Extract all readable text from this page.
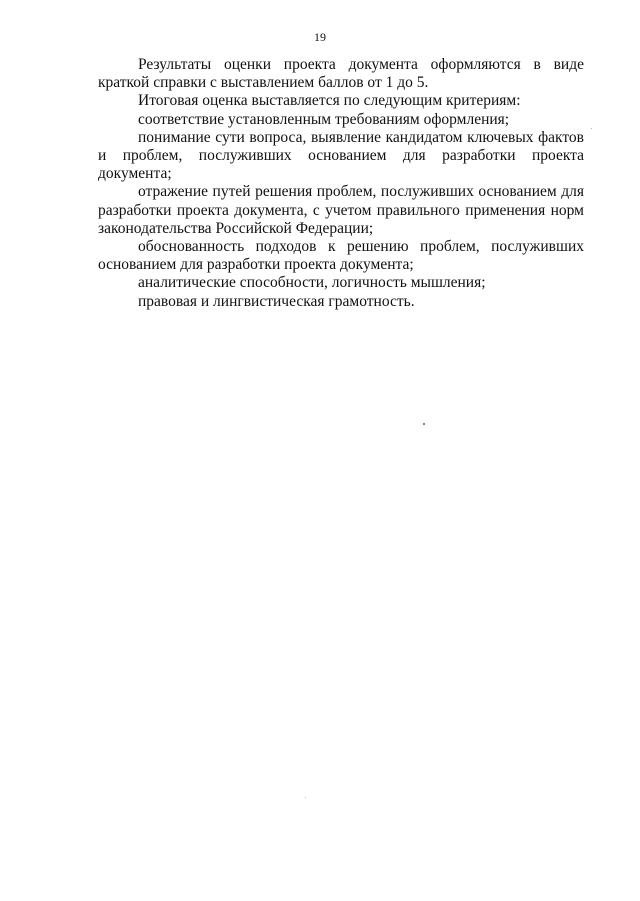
19

Результаты оценки проекта документа оформляются в виде краткой справки с выставлением баллов от 1 до 5.

Итоговая оценка выставляется по следующим критериям:

соответствие установленным требованиям оформления;

понимание сути вопроса, выявление кандидатом ключевых фактов и проблем, послуживших основанием для разработки проекта документа;

отражение путей решения проблем, послуживших основанием для разработки проекта документа, с учетом правильного применения норм законодательства Российской Федерации;

обоснованность подходов к решению проблем, послуживших основанием для разработки проекта документа;

аналитические способности, логичность мышления;

правовая и лингвистическая грамотность.
